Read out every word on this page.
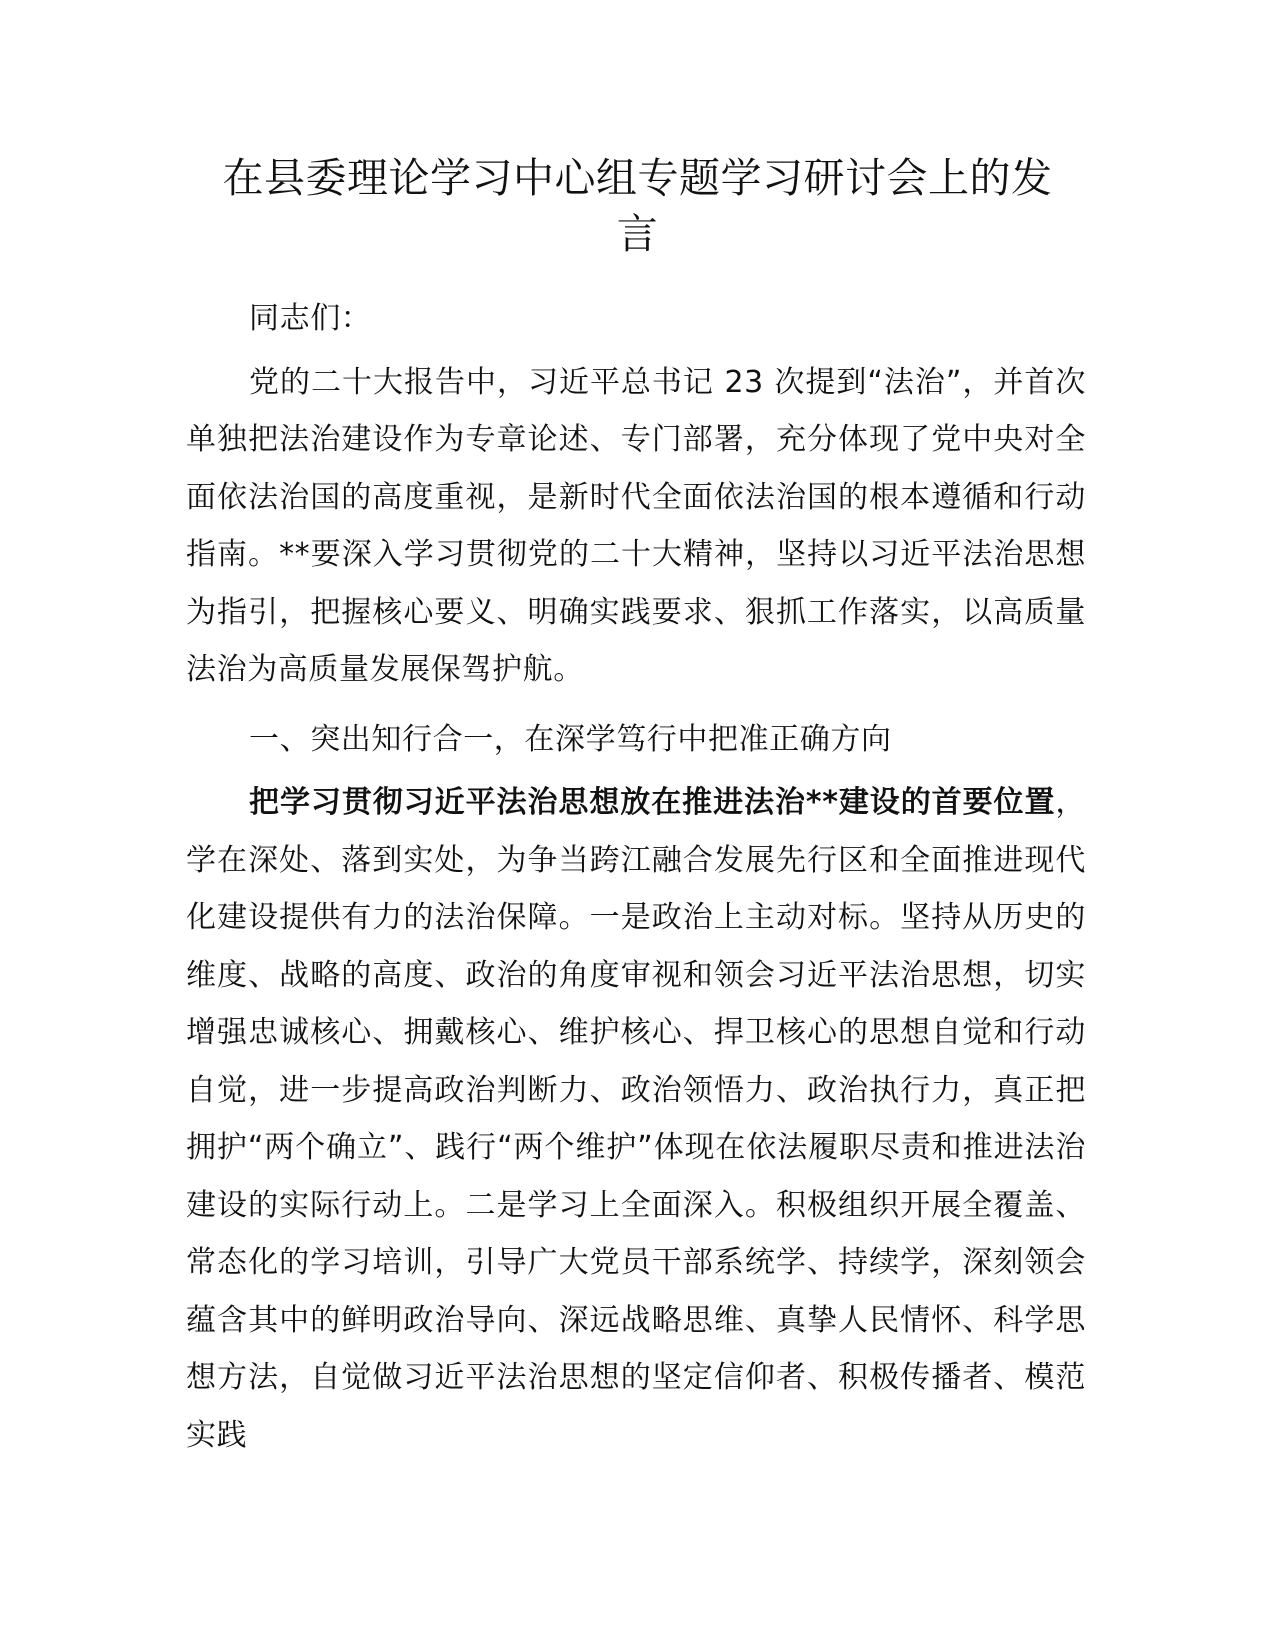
在县委理论学习中心组专题学习研讨会上的发
言

同志们：

党的二十大报告中，习近平总书记 23 次提到“法治”，并首次单独把法治建设作为专章论述、专门部署，充分体现了党中央对全面依法治国的高度重视，是新时代全面依法治国的根本遵循和行动指南。**要深入学习贯彻党的二十大精神，坚持以习近平法治思想为指引，把握核心要义、明确实践要求、狠抓工作落实，以高质量法治为高质量发展保驾护航。

一、突出知行合一，在深学笃行中把准正确方向

把学习贯彻习近平法治思想放在推进法治**建设的首要位置，学在深处、落到实处，为争当跨江融合发展先行区和全面推进现代化建设提供有力的法治保障。一是政治上主动对标。坚持从历史的维度、战略的高度、政治的角度审视和领会习近平法治思想，切实增强忠诚核心、拥戴核心、维护核心、捍卫核心的思想自觉和行动自觉，进一步提高政治判断力、政治领悟力、政治执行力，真正把拥护“两个确立”、践行“两个维护”体现在依法履职尽责和推进法治建设的实际行动上。二是学习上全面深入。积极组织开展全覆盖、常态化的学习培训，引导广大党员干部系统学、持续学，深刻领会蕴含其中的鲜明政治导向、深远战略思维、真挚人民情怀、科学思想方法，自觉做习近平法治思想的坚定信仰者、积极传播者、模范实践
